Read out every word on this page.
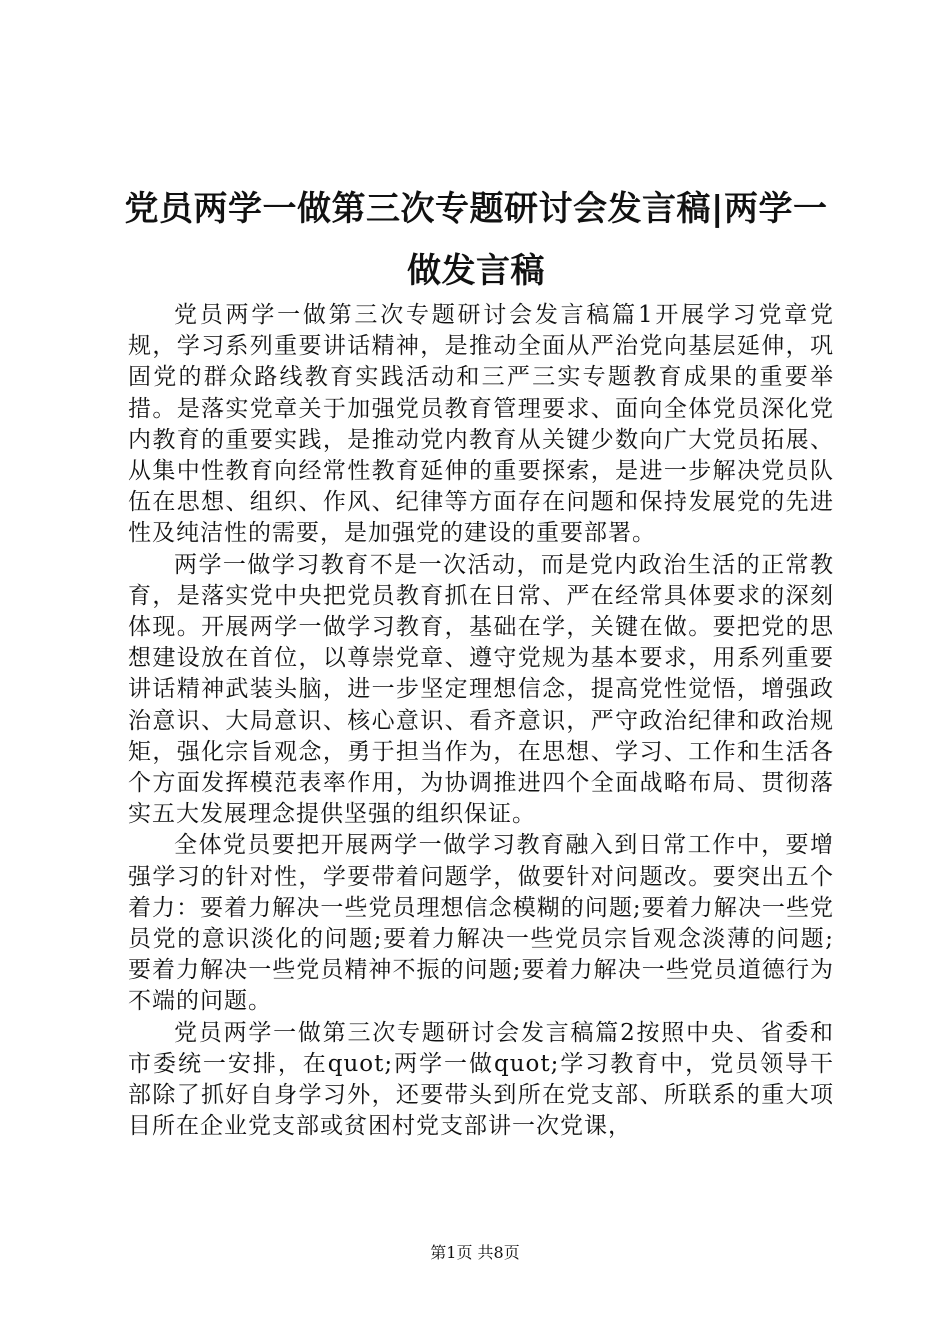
党员两学一做第三次专题研讨会发言稿|两学一做发言稿

党员两学一做第三次专题研讨会发言稿篇1开展学习党章党规，学习系列重要讲话精神，是推动全面从严治党向基层延伸，巩固党的群众路线教育实践活动和三严三实专题教育成果的重要举措。是落实党章关于加强党员教育管理要求、面向全体党员深化党内教育的重要实践，是推动党内教育从关键少数向广大党员拓展、从集中性教育向经常性教育延伸的重要探索，是进一步解决党员队伍在思想、组织、作风、纪律等方面存在问题和保持发展党的先进性及纯洁性的需要，是加强党的建设的重要部署。

两学一做学习教育不是一次活动，而是党内政治生活的正常教育，是落实党中央把党员教育抓在日常、严在经常具体要求的深刻体现。开展两学一做学习教育，基础在学，关键在做。要把党的思想建设放在首位，以尊崇党章、遵守党规为基本要求，用系列重要讲话精神武装头脑，进一步坚定理想信念，提高党性觉悟，增强政治意识、大局意识、核心意识、看齐意识，严守政治纪律和政治规矩，强化宗旨观念，勇于担当作为，在思想、学习、工作和生活各个方面发挥模范表率作用，为协调推进四个全面战略布局、贯彻落实五大发展理念提供坚强的组织保证。

全体党员要把开展两学一做学习教育融入到日常工作中，要增强学习的针对性，学要带着问题学，做要针对问题改。要突出五个着力：要着力解决一些党员理想信念模糊的问题;要着力解决一些党员党的意识淡化的问题;要着力解决一些党员宗旨观念淡薄的问题;要着力解决一些党员精神不振的问题;要着力解决一些党员道德行为不端的问题。

党员两学一做第三次专题研讨会发言稿篇2按照中央、省委和市委统一安排，在quot;两学一做quot;学习教育中，党员领导干部除了抓好自身学习外，还要带头到所在党支部、所联系的重大项目所在企业党支部或贫困村党支部讲一次党课，

第1页 共8页
